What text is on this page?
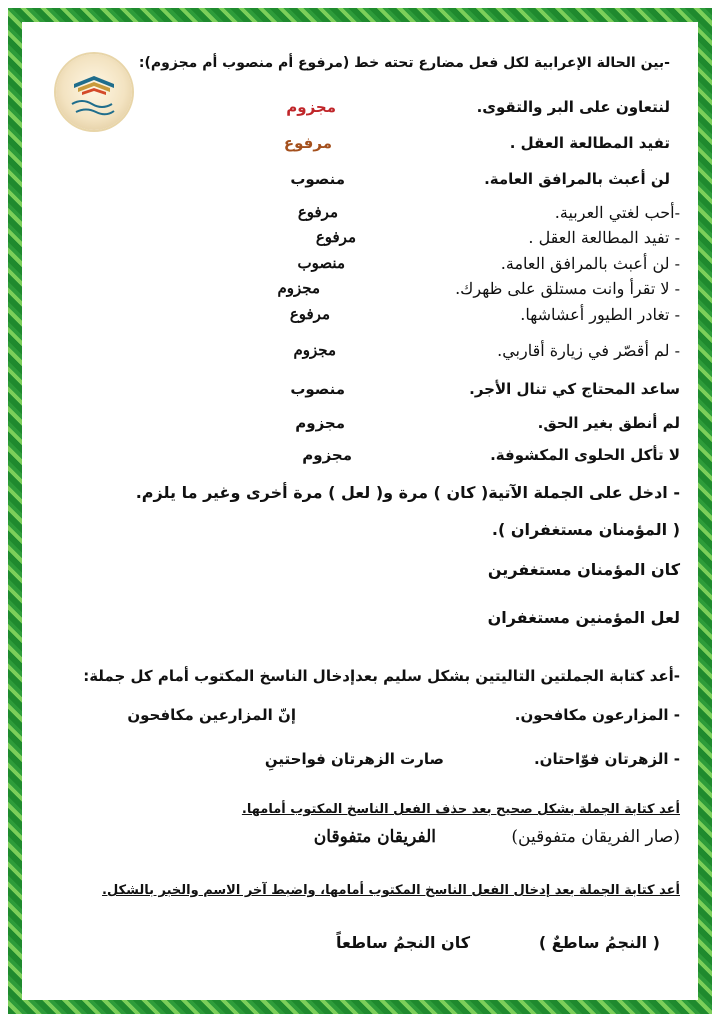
-بين الحالة الإعرابية لكل فعل مضارع تحته خط (مرفوع أم منصوب أم مجزوم):
لنتعاون على البر والتقوى.
مجزوم
تفيد المطالعة العقل .
مرفوع
لن أعبث بالمرافق العامة.
منصوب
-أحب لغتي العربية.
مرفوع
- تفيد المطالعة العقل .
مرفوع
- لن أعبث بالمرافق العامة.
منصوب
- لا تقرأ وانت مستلق على ظهرك.
مجزوم
- تغادر الطيور أعشاشها.
مرفوع
- لم أقصّر في زيارة أقاربي.
مجزوم
ساعد المحتاج كي تنال الأجر.
منصوب
لم أنطق بغير الحق.
مجزوم
لا تأكل الحلوى المكشوفة.
مجزوم
- ادخل على الجملة الآتية( كان ) مرة و( لعل ) مرة أخرى وغير ما يلزم.
( المؤمنان مستغفران ).
كان المؤمنان مستغفرين
لعل المؤمنين مستغفران
-أعد كتابة الجملتين التاليتين بشكل سليم بعدإدخال الناسخ المكتوب أمام كل جملة:
- المزارعون مكافحون.
إنّ المزارعين مكافحون
- الزهرتان فوّاحتان.
صارت الزهرتان فواحتينِ
أعد كتابة الجملة بشكل صحيح بعد حذف الفعل الناسخ المكتوب أمامها.
(صار الفريقان متفوقين)
الفريقان متفوقان
أعد كتابة الجملة بعد إدخال الفعل الناسخ المكتوب أمامها، واضبط آخر الاسم والخبر بالشكل.
( النجمُ ساطعٌ )
كان النجمُ ساطعاً
